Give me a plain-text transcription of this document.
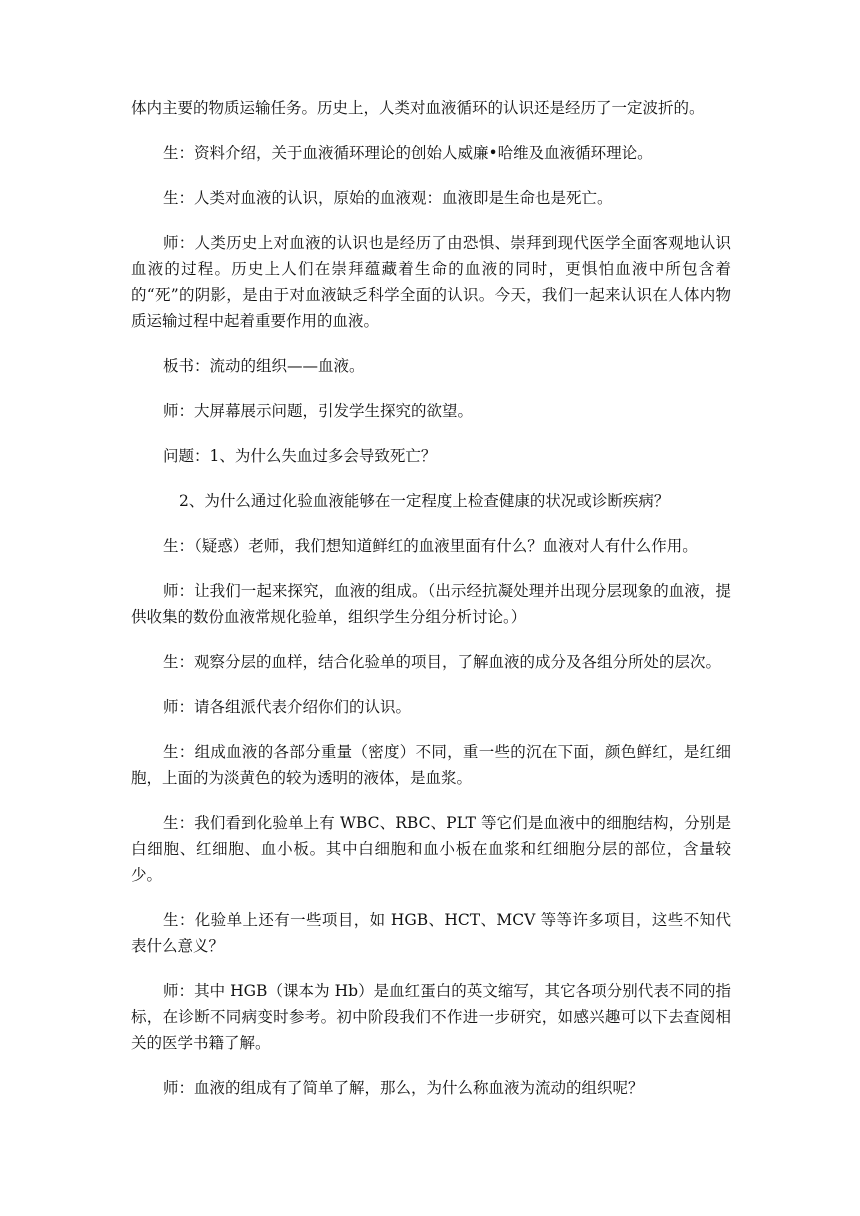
体内主要的物质运输任务。历史上，人类对血液循环的认识还是经历了一定波折的。

生：资料介绍，关于血液循环理论的创始人威廉•哈维及血液循环理论。

生：人类对血液的认识，原始的血液观：血液即是生命也是死亡。

师：人类历史上对血液的认识也是经历了由恐惧、崇拜到现代医学全面客观地认识血液的过程。历史上人们在崇拜蕴藏着生命的血液的同时，更惧怕血液中所包含着的“死”的阴影，是由于对血液缺乏科学全面的认识。今天，我们一起来认识在人体内物质运输过程中起着重要作用的血液。

板书：流动的组织——血液。

师：大屏幕展示问题，引发学生探究的欲望。

问题：1、为什么失血过多会导致死亡？

2、为什么通过化验血液能够在一定程度上检查健康的状况或诊断疾病？

生：（疑惑）老师，我们想知道鲜红的血液里面有什么？血液对人有什么作用。

师：让我们一起来探究，血液的组成。（出示经抗凝处理并出现分层现象的血液，提供收集的数份血液常规化验单，组织学生分组分析讨论。）

生：观察分层的血样，结合化验单的项目，了解血液的成分及各组分所处的层次。

师：请各组派代表介绍你们的认识。

生：组成血液的各部分重量（密度）不同，重一些的沉在下面，颜色鲜红，是红细胞，上面的为淡黄色的较为透明的液体，是血浆。

生：我们看到化验单上有 WBC、RBC、PLT 等它们是血液中的细胞结构，分别是白细胞、红细胞、血小板。其中白细胞和血小板在血浆和红细胞分层的部位，含量较少。

生：化验单上还有一些项目，如 HGB、HCT、MCV 等等许多项目，这些不知代表什么意义？

师：其中 HGB（课本为 Hb）是血红蛋白的英文缩写，其它各项分别代表不同的指标，在诊断不同病变时参考。初中阶段我们不作进一步研究，如感兴趣可以下去查阅相关的医学书籍了解。

师：血液的组成有了简单了解，那么，为什么称血液为流动的组织呢？
